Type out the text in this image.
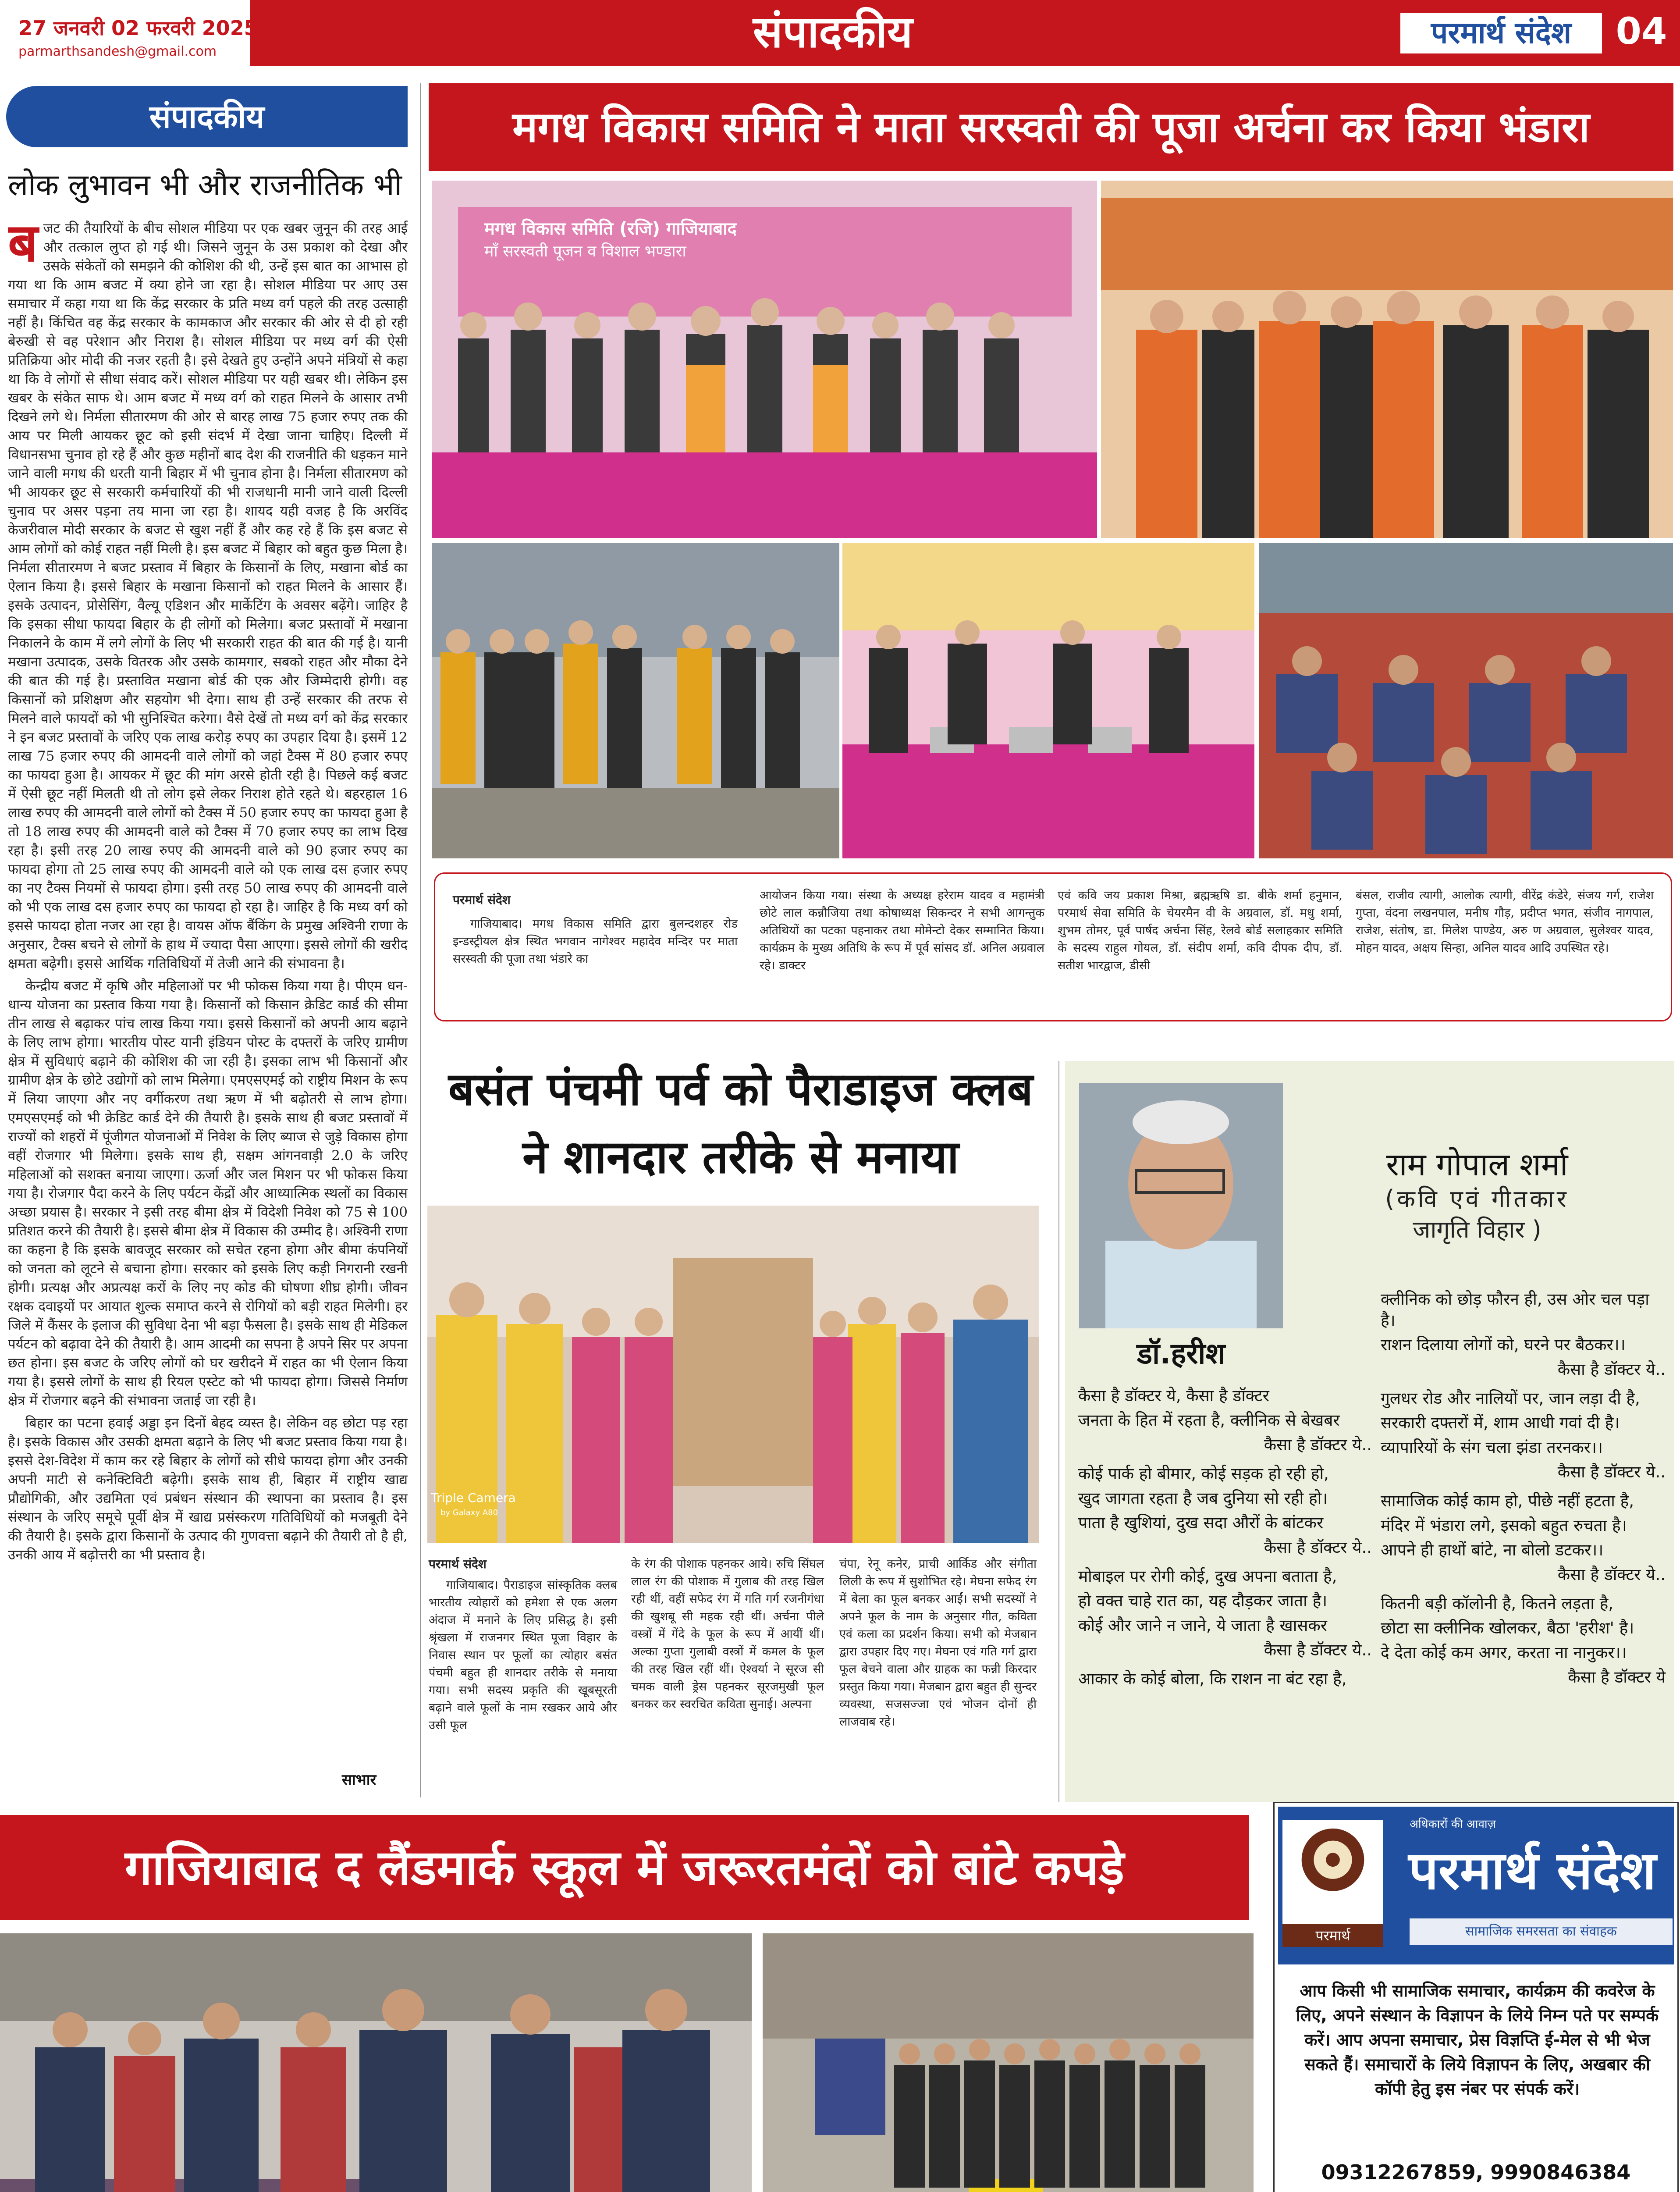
27 जनवरी 02 फरवरी 2025
parmarthsandesh@gmail.com	संपादकीय	परमार्थ संदेश	04
संपादकीय
लोक लुभावन भी और राजनीतिक भी
ब जट की तैयारियों के बीच सोशल मीडिया पर एक खबर जुनून की तरह आई और तत्काल लुप्त हो गई थी। जिसने जुनून के उस प्रकाश को देखा और उसके संकेतों को समझने की कोशिश की थी, उन्हें इस बात का आभास हो गया था कि आम बजट में क्या होने जा रहा है। सोशल मीडिया पर आए उस समाचार में कहा गया था कि केंद्र सरकार के प्रति मध्य वर्ग पहले की तरह उत्साही नहीं है। किंचित वह केंद्र सरकार के कामकाज और सरकार की ओर से दी हो रही बेरुखी से वह परेशान और निराश है। सोशल मीडिया पर मध्य वर्ग की ऐसी प्रतिक्रिया ओर मोदी की नजर रहती है। इसे देखते हुए उन्होंने अपने मंत्रियों से कहा था कि वे लोगों से सीधा संवाद करें। सोशल मीडिया पर यही खबर थी। लेकिन इस खबर के संकेत साफ थे। आम बजट में मध्य वर्ग को राहत मिलने के आसार तभी दिखने लगे थे। निर्मला सीतारमण की ओर से बारह लाख 75 हजार रुपए तक की आय पर मिली आयकर छूट को इसी संदर्भ में देखा जाना चाहिए। दिल्ली में विधानसभा चुनाव हो रहे हैं और कुछ महीनों बाद देश की राजनीति की धड़कन माने जाने वाली मगध की धरती यानी बिहार में भी चुनाव होना है। निर्मला सीतारमण को भी आयकर छूट से सरकारी कर्मचारियों की भी राजधानी मानी जाने वाली दिल्ली चुनाव पर असर पड़ना तय माना जा रहा है। शायद यही वजह है कि अरविंद केजरीवाल मोदी सरकार के बजट से खुश नहीं हैं और कह रहे हैं कि इस बजट से आम लोगों को कोई राहत नहीं मिली है। इस बजट में बिहार को बहुत कुछ मिला है। निर्मला सीतारमण ने बजट प्रस्ताव में बिहार के किसानों के लिए, मखाना बोर्ड का ऐलान किया है। इससे बिहार के मखाना किसानों को राहत मिलने के आसार हैं। इसके उत्पादन, प्रोसेसिंग, वैल्यू एडिशन और मार्केटिंग के अवसर बढ़ेंगे। जाहिर है कि इसका सीधा फायदा बिहार के ही लोगों को मिलेगा। बजट प्रस्तावों में मखाना निकालने के काम में लगे लोगों के लिए भी सरकारी राहत की बात की गई है। यानी मखाना उत्पादक, उसके वितरक और उसके कामगार, सबको राहत और मौका देने की बात की गई है। प्रस्तावित मखाना बोर्ड की एक और जिम्मेदारी होगी। वह किसानों को प्रशिक्षण और सहयोग भी देगा। साथ ही उन्हें सरकार की तरफ से मिलने वाले फायदों को भी सुनिश्चित करेगा। वैसे देखें तो मध्य वर्ग को केंद्र सरकार ने इन बजट प्रस्तावों के जरिए एक लाख करोड़ रुपए का उपहार दिया है। इसमें 12 लाख 75 हजार रुपए की आमदनी वाले लोगों को जहां टैक्स में 80 हजार रुपए का फायदा हुआ है। आयकर में छूट की मांग अरसे होती रही है। पिछले कई बजट में ऐसी छूट नहीं मिलती थी तो लोग इसे लेकर निराश होते रहते थे। बहरहाल 16 लाख रुपए की आमदनी वाले लोगों को टैक्स में 50 हजार रुपए का फायदा हुआ है तो 18 लाख रुपए की आमदनी वाले को टैक्स में 70 हजार रुपए का लाभ दिख रहा है। इसी तरह 20 लाख रुपए की आमदनी वाले को 90 हजार रुपए का फायदा होगा तो 25 लाख रुपए की आमदनी वाले को एक लाख दस हजार रुपए का नए टैक्स नियमों से फायदा होगा। इसी तरह 50 लाख रुपए की आमदनी वाले को भी एक लाख दस हजार रुपए का फायदा हो रहा है। जाहिर है कि मध्य वर्ग को इससे फायदा होता नजर आ रहा है। वायस ऑफ बैंकिंग के प्रमुख अश्विनी राणा के अनुसार, टैक्स बचने से लोगों के हाथ में ज्यादा पैसा आएगा। इससे लोगों की खरीद क्षमता बढ़ेगी। इससे आर्थिक गतिविधियों में तेजी आने की संभावना है।

केन्द्रीय बजट में कृषि और महिलाओं पर भी फोकस किया गया है। पीएम धन-धान्य योजना का प्रस्ताव किया गया है। किसानों को किसान क्रेडिट कार्ड की सीमा तीन लाख से बढ़ाकर पांच लाख किया गया। इससे किसानों को अपनी आय बढ़ाने के लिए लाभ होगा। भारतीय पोस्ट यानी इंडियन पोस्ट के दफ्तरों के जरिए ग्रामीण क्षेत्र में सुविधाएं बढ़ाने की कोशिश की जा रही है। इसका लाभ भी किसानों और ग्रामीण क्षेत्र के छोटे उद्योगों को लाभ मिलेगा। एमएसएमई को राष्ट्रीय मिशन के रूप में लिया जाएगा और नए वर्गीकरण तथा ऋण में भी बढ़ोतरी से लाभ होगा। एमएसएमई को भी क्रेडिट कार्ड देने की तैयारी है। इसके साथ ही बजट प्रस्तावों में राज्यों को शहरों में पूंजीगत योजनाओं में निवेश के लिए ब्याज से जुड़े विकास होगा वहीं रोजगार भी मिलेगा। इसके साथ ही, सक्षम आंगनवाड़ी 2.0 के जरिए महिलाओं को सशक्त बनाया जाएगा। ऊर्जा और जल मिशन पर भी फोकस किया गया है। रोजगार पैदा करने के लिए पर्यटन केंद्रों और आध्यात्मिक स्थलों का विकास अच्छा प्रयास है। सरकार ने इसी तरह बीमा क्षेत्र में विदेशी निवेश को 75 से 100 प्रतिशत करने की तैयारी है। इससे बीमा क्षेत्र में विकास की उम्मीद है। अश्विनी राणा का कहना है कि इसके बावजूद सरकार को सचेत रहना होगा और बीमा कंपनियों को जनता को लूटने से बचाना होगा। सरकार को इसके लिए कड़ी निगरानी रखनी होगी। प्रत्यक्ष और अप्रत्यक्ष करों के लिए नए कोड की घोषणा शीघ्र होगी। जीवन रक्षक दवाइयों पर आयात शुल्क समाप्त करने से रोगियों को बड़ी राहत मिलेगी। हर जिले में कैंसर के इलाज की सुविधा देना भी बड़ा फैसला है। इसके साथ ही मेडिकल पर्यटन को बढ़ावा देने की तैयारी है। आम आदमी का सपना है अपने सिर पर अपना छत होना। इस बजट के जरिए लोगों को घर खरीदने में राहत का भी ऐलान किया गया है। इससे लोगों के साथ ही रियल एस्टेट को भी फायदा होगा। जिससे निर्माण क्षेत्र में रोजगार बढ़ने की संभावना जताई जा रही है।

बिहार का पटना हवाई अड्डा इन दिनों बेहद व्यस्त है। लेकिन वह छोटा पड़ रहा है। इसके विकास और उसकी क्षमता बढ़ाने के लिए भी बजट प्रस्ताव किया गया है। इससे देश-विदेश में काम कर रहे बिहार के लोगों को सीधे फायदा होगा और उनकी अपनी माटी से कनेक्टिविटी बढ़ेगी। इसके साथ ही, बिहार में राष्ट्रीय खाद्य प्रौद्योगिकी, और उद्यमिता एवं प्रबंधन संस्थान की स्थापना का प्रस्ताव है। इस संस्थान के जरिए समूचे पूर्वी क्षेत्र में खाद्य प्रसंस्करण गतिविधियों को मजबूती देने की तैयारी है। इसके द्वारा किसानों के उत्पाद की गुणवत्ता बढ़ाने की तैयारी तो है ही, उनकी आय में बढ़ोत्तरी का भी प्रस्ताव है।

साभार
मगध विकास समिति ने माता सरस्वती की पूजा अर्चना कर किया भंडारा
मगध विकास समिति (रजि) गाजियाबाद
माँ सरस्वती पूजन व विशाल भण्डारा
परमार्थ संदेश
गाजियाबाद। मगध विकास समिति द्वारा बुलन्दशहर रोड इन्डस्ट्रीयल क्षेत्र स्थित भगवान नागेश्वर महादेव मन्दिर पर माता सरस्वती की पूजा तथा भंडारे का
आयोजन किया गया। संस्था के अध्यक्ष हरेराम यादव व महामंत्री छोटे लाल कन्नौजिया तथा कोषाध्यक्ष सिकन्दर ने सभी आगन्तुक अतिथियों का पटका पहनाकर तथा मोमेन्टो देकर सम्मानित किया। कार्यक्रम के मुख्य अतिथि के रूप में पूर्व सांसद डॉ. अनिल अग्रवाल रहे। डाक्टर
एवं कवि जय प्रकाश मिश्रा, ब्रह्मऋषि डा. बीके शर्मा हनुमान, परमार्थ सेवा समिति के चेयरमैन वी के अग्रवाल, डॉ. मधु शर्मा, शुभम तोमर, पूर्व पार्षद अर्चना सिंह, रेलवे बोर्ड सलाहकार समिति के सदस्य राहुल गोयल, डॉ. संदीप शर्मा, कवि दीपक दीप, डॉ. सतीश भारद्वाज, डीसी
बंसल, राजीव त्यागी, आलोक त्यागी, वीरेंद्र कंडेरे, संजय गर्ग, राजेश गुप्ता, वंदना लखनपाल, मनीष गौड़, प्रदीप्त भगत, संजीव नागपाल, राजेश, संतोष, डा. मिलेश पाण्डेय, अरु ण अग्रवाल, सुलेश्वर यादव, मोहन यादव, अक्षय सिन्हा, अनिल यादव आदि उपस्थित रहे।
बसंत पंचमी पर्व को पैराडाइज क्लब
ने शानदार तरीके से मनाया
Triple Camera
by Galaxy A80
परमार्थ संदेश
गाजियाबाद। पैराडाइज सांस्कृतिक क्लब भारतीय त्योहारों को हमेशा से एक अलग अंदाज में मनाने के लिए प्रसिद्ध है। इसी श्रृंखला में राजनगर स्थित पूजा विहार के निवास स्थान पर फूलों का त्योहार बसंत पंचमी बहुत ही शानदार तरीके से मनाया गया। सभी सदस्य प्रकृति की खूबसूरती बढ़ाने वाले फूलों के नाम रखकर आये और उसी फूल
के रंग की पोशाक पहनकर आये। रुचि सिंघल लाल रंग की पोशाक में गुलाब की तरह खिल रही थीं, वहीं सफेद रंग में गति गर्ग रजनीगंधा की खुशबू सी महक रही थीं। अर्चना पीले वस्त्रों में गेंदे के फूल के रूप में आयीं थीं। अल्का गुप्ता गुलाबी वस्त्रों में कमल के फूल की तरह खिल रहीं थीं। ऐश्वर्या ने सूरज सी चमक वाली ड्रेस पहनकर सूरजमुखी फूल बनकर कर स्वरचित कविता सुनाई। अल्पना
चंपा, रेनू कनेर, प्राची आर्किड और संगीता लिली के रूप में सुशोभित रहे। मेघना सफेद रंग में बेला का फूल बनकर आईं। सभी सदस्यों ने अपने फूल के नाम के अनुसार गीत, कविता एवं कला का प्रदर्शन किया। सभी को मेजबान द्वारा उपहार दिए गए। मेघना एवं गति गर्ग द्वारा फूल बेचने वाला और ग्राहक का फन्नी किरदार प्रस्तुत किया गया। मेजबान द्वारा बहुत ही सुन्दर व्यवस्था, सजसज्जा एवं भोजन दोनों ही लाजवाब रहे।
राम गोपाल शर्मा
(कवि एवं गीतकार
जागृति विहार )
डॉ.हरीश
कैसा है डॉक्टर ये, कैसा है डॉक्टर
जनता के हित में रहता है, क्लीनिक से बेखबर
कैसा है डॉक्टर ये..
कोई पार्क हो बीमार, कोई सड़क हो रही हो,
खुद जागता रहता है जब दुनिया सो रही हो।
पाता है खुशियां, दुख सदा औरों के बांटकर
कैसा है डॉक्टर ये..
मोबाइल पर रोगी कोई, दुख अपना बताता है,
हो वक्त चाहे रात का, यह दौड़कर जाता है।
कोई और जाने न जाने, ये जाता है खासकर
कैसा है डॉक्टर ये..
आकार के कोई बोला, कि राशन ना बंट रहा है,
क्लीनिक को छोड़ फौरन ही, उस ओर चल पड़ा है।
राशन दिलाया लोगों को, घरने पर बैठकर।।
कैसा है डॉक्टर ये..
गुलधर रोड और नालियों पर, जान लड़ा दी है,
सरकारी दफ्तरों में, शाम आधी गवां दी है।
व्यापारियों के संग चला झंडा तरनकर।।
कैसा है डॉक्टर ये..
सामाजिक कोई काम हो, पीछे नहीं हटता है,
मंदिर में भंडारा लगे, इसको बहुत रुचता है।
आपने ही हाथों बांटे, ना बोलो डटकर।।
कैसा है डॉक्टर ये..
कितनी बड़ी कॉलोनी है, कितने लड़ता है,
छोटा सा क्लीनिक खोलकर, बैठा 'हरीश' है।
दे देता कोई कम अगर, करता ना नानुकर।।
कैसा है डॉक्टर ये
गाजियाबाद द लैंडमार्क स्कूल में जरूरतमंदों को बांटे कपड़े

परमार्थ
अधिकारों की आवाज़
परमार्थ संदेश
सामाजिक समरसता का संवाहक
आप किसी भी सामाजिक समाचार, कार्यक्रम की कवरेज के लिए, अपने संस्थान के विज्ञापन के लिये निम्न पते पर सम्पर्क करें। आप अपना समाचार, प्रेस विज्ञप्ति ई-मेल से भी भेज सकते हैं। समाचारों के लिये विज्ञापन के लिए, अखबार की कॉपी हेतु इस नंबर पर संपर्क करें।
09312267859, 9990846384
